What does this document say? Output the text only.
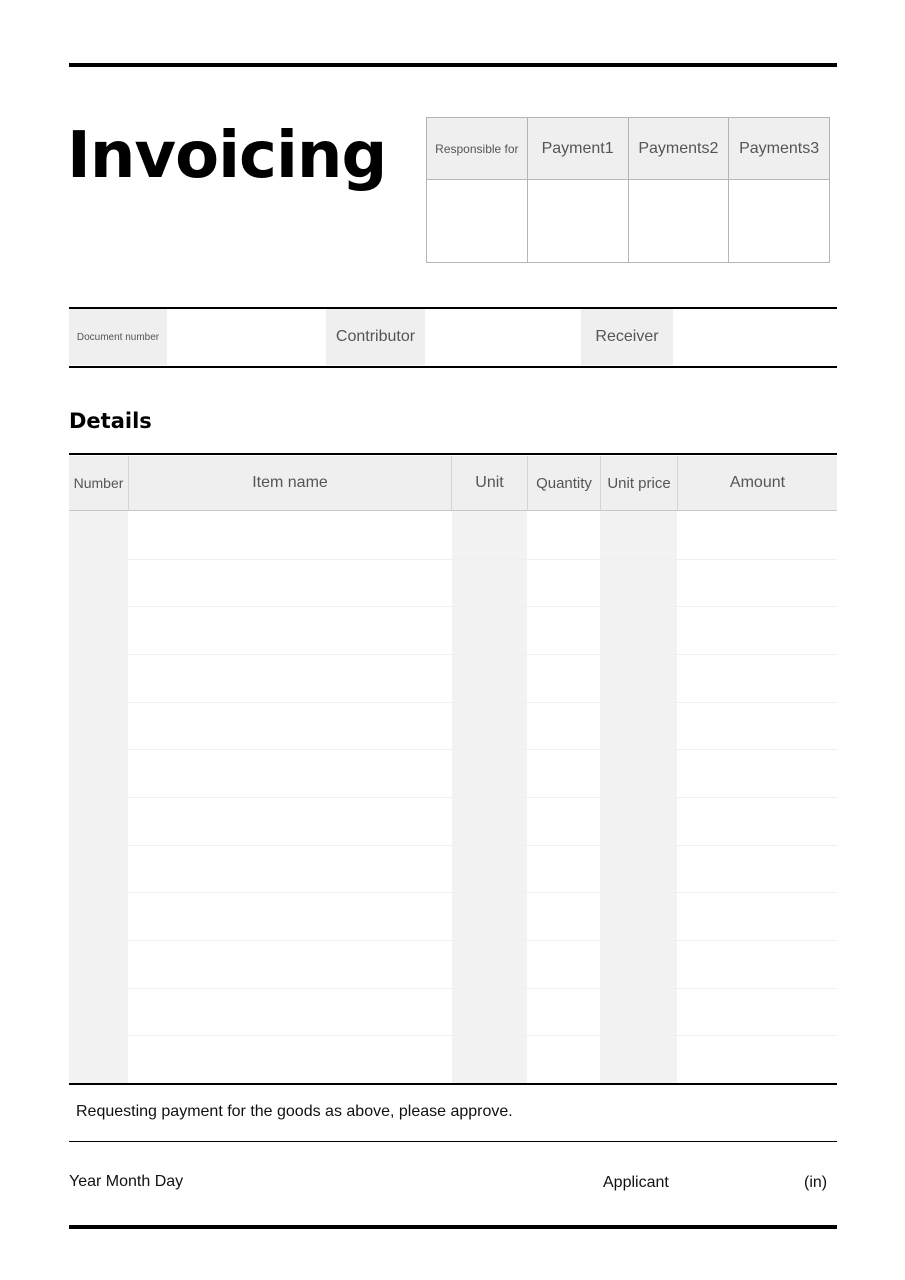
Invoicing	Responsible for	Payment1	Payments2	Payments3
Document number	Contributor	Receiver
Details
Number	Item name	Unit	Quantity	Unit price	Amount
Requesting payment for the goods as above, please approve.
Year Month Day	Applicant	(in)
